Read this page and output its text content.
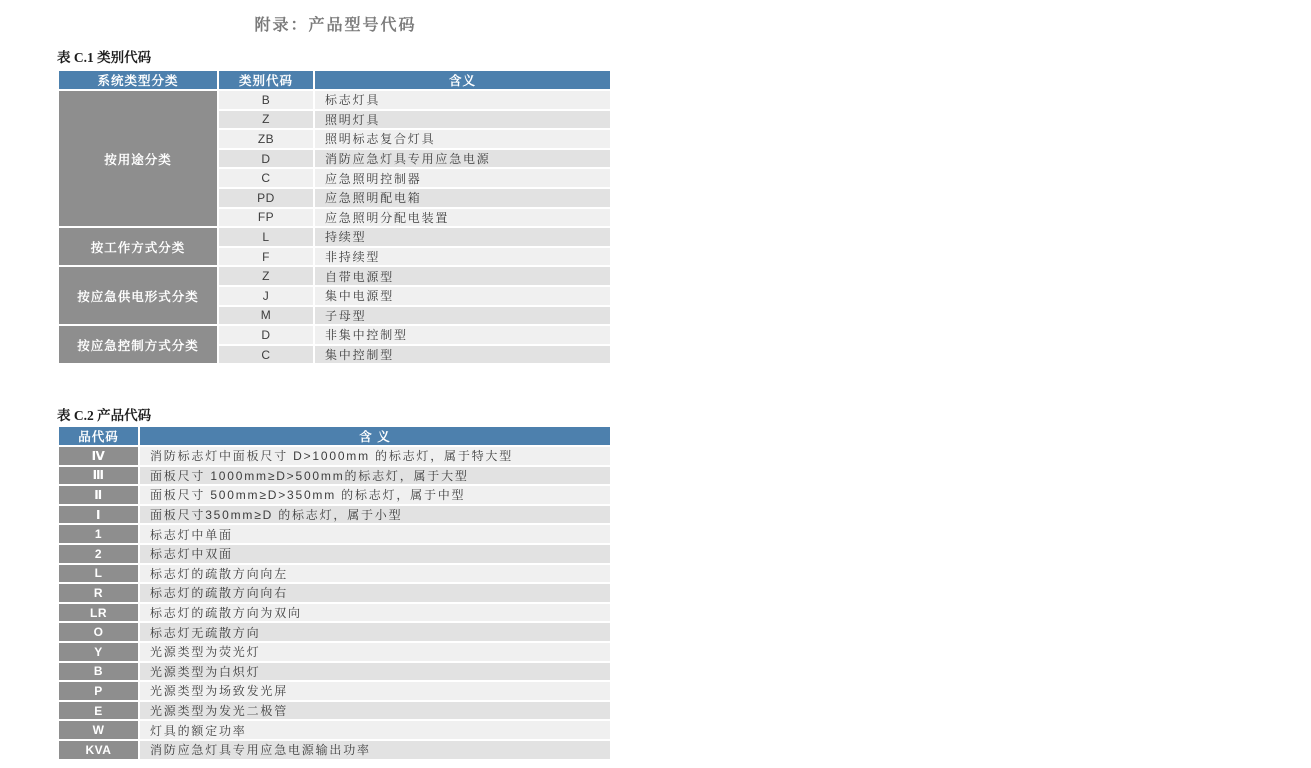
附录：产品型号代码
表 C.1 类别代码
系统类型分类	类别代码	含义
按用途分类	B	标志灯具
	Z	照明灯具
	ZB	照明标志复合灯具
	D	消防应急灯具专用应急电源
	C	应急照明控制器
	PD	应急照明配电箱
	FP	应急照明分配电装置
按工作方式分类	L	持续型
	F	非持续型
按应急供电形式分类	Z	自带电源型
	J	集中电源型
	M	子母型
按应急控制方式分类	D	非集中控制型
	C	集中控制型
表 C.2 产品代码
品代码	含 义
Ⅳ	消防标志灯中面板尺寸 D>1000mm 的标志灯，属于特大型
Ⅲ	面板尺寸 1000mm≥D>500mm的标志灯，属于大型
Ⅱ	面板尺寸 500mm≥D>350mm 的标志灯，属于中型
Ⅰ	面板尺寸350mm≥D 的标志灯，属于小型
1	标志灯中单面
2	标志灯中双面
L	标志灯的疏散方向向左
R	标志灯的疏散方向向右
LR	标志灯的疏散方向为双向
O	标志灯无疏散方向
Y	光源类型为荧光灯
B	光源类型为白炽灯
P	光源类型为场致发光屏
E	光源类型为发光二极管
W	灯具的额定功率
KVA	消防应急灯具专用应急电源输出功率
